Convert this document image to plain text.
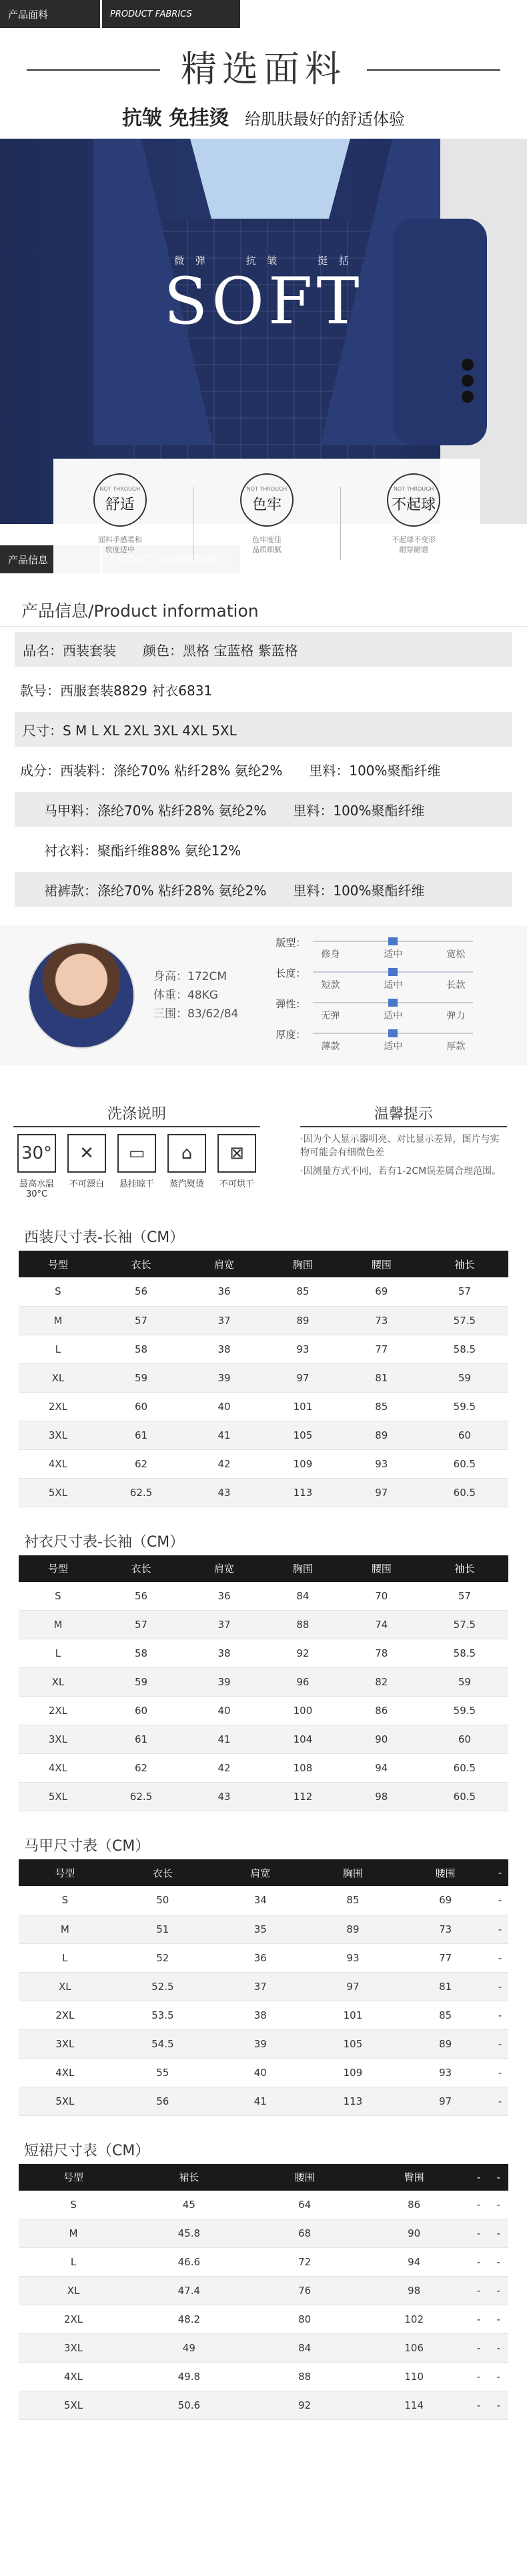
产品面料	PRODUCT FABRICS
精选面料
抗皱 免挂烫 给肌肤最好的舒适体验
微 弹	抗 皱	挺 括
SOFT
NOT THROUGH
舒适
面料手感柔和
软度适中
NOT THROUGH
色牢
色牢度佳
品质细腻
NOT THROUGH
不起球
不起球不变形
耐穿耐磨
产品信息
产品信息/Product information
品名：西装套装 颜色：黑格 宝蓝格 紫蓝格
款号：西服套装8829 衬衣6831
尺寸：S M L XL 2XL 3XL 4XL 5XL
成分：西装料：涤纶70% 粘纤28% 氨纶2% 里料：100%聚酯纤维
马甲料：涤纶70% 粘纤28% 氨纶2% 里料：100%聚酯纤维
衬衣料：聚酯纤维88% 氨纶12%
裙裤款：涤纶70% 粘纤28% 氨纶2% 里料：100%聚酯纤维
身高：172CM
体重：48KG
三围：83/62/84
版型：
修身	适中	宽松
长度：
短款	适中	长款
弹性：
无弹	适中	弹力
厚度：
薄款	适中	厚款
洗涤说明
30°
最高水温30°C
✕
不可漂白
▭
悬挂晾干
⌂
蒸汽熨烫
⊠
不可烘干
温馨提示

·因为个人显示器明亮、对比显示差异，图片与实物可能会有细微色差

·因测量方式不同，若有1-2CM误差属合理范围。

西装尺寸表-长袖（CM）
号型	衣长	肩宽	胸围	腰围	袖长
S	56	36	85	69	57
M	57	37	89	73	57.5
L	58	38	93	77	58.5
XL	59	39	97	81	59
2XL	60	40	101	85	59.5
3XL	61	41	105	89	60
4XL	62	42	109	93	60.5
5XL	62.5	43	113	97	60.5
衬衣尺寸表-长袖（CM）
号型	衣长	肩宽	胸围	腰围	袖长
S	56	36	84	70	57
M	57	37	88	74	57.5
L	58	38	92	78	58.5
XL	59	39	96	82	59
2XL	60	40	100	86	59.5
3XL	61	41	104	90	60
4XL	62	42	108	94	60.5
5XL	62.5	43	112	98	60.5
马甲尺寸表（CM）
号型	衣长	肩宽	胸围	腰围	-
S	50	34	85	69	-
M	51	35	89	73	-
L	52	36	93	77	-
XL	52.5	37	97	81	-
2XL	53.5	38	101	85	-
3XL	54.5	39	105	89	-
4XL	55	40	109	93	-
5XL	56	41	113	97	-
短裙尺寸表（CM）
号型	裙长	腰围	臀围	-	-
S	45	64	86	-	-
M	45.8	68	90	-	-
L	46.6	72	94	-	-
XL	47.4	76	98	-	-
2XL	48.2	80	102	-	-
3XL	49	84	106	-	-
4XL	49.8	88	110	-	-
5XL	50.6	92	114	-	-
